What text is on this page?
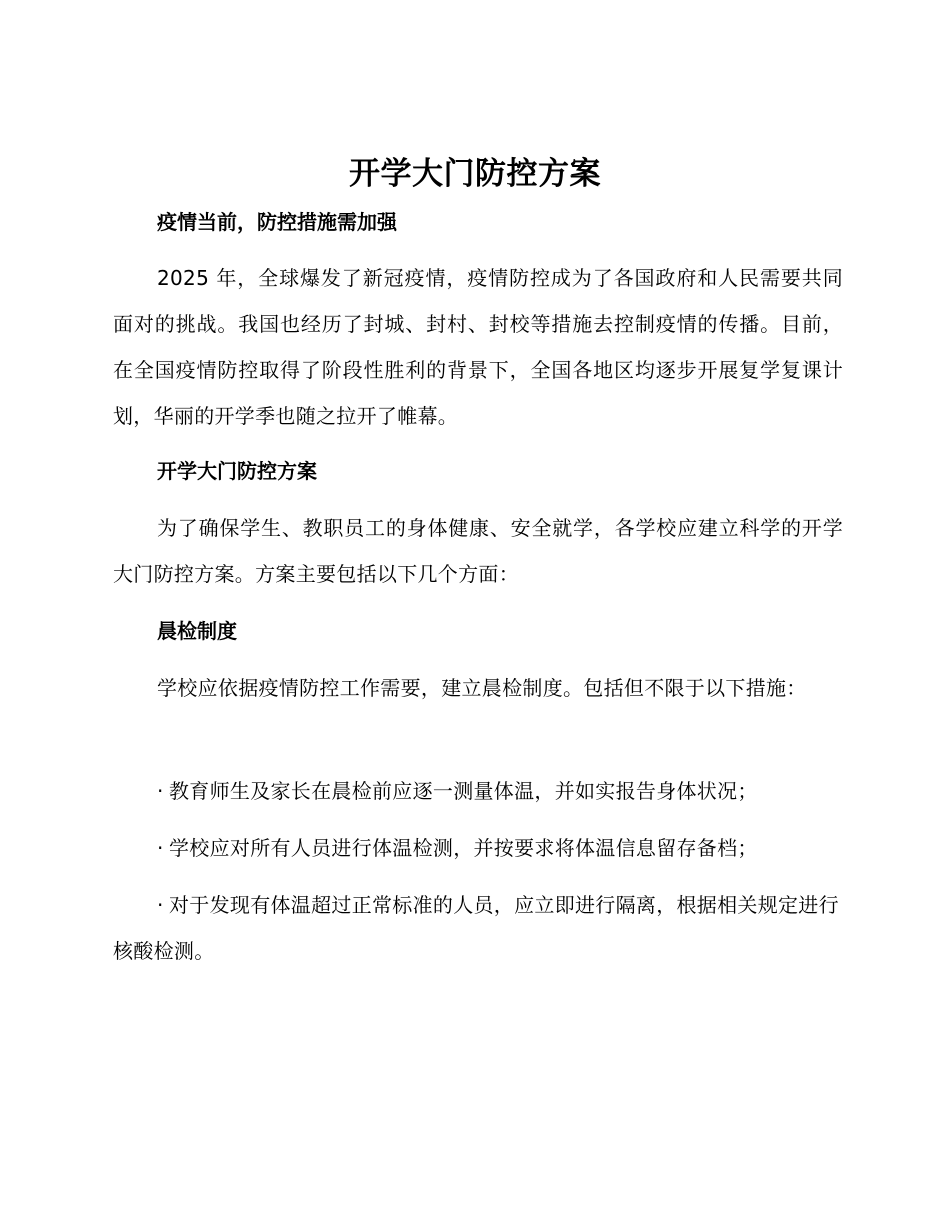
开学大门防控方案
疫情当前，防控措施需加强
2025 年，全球爆发了新冠疫情，疫情防控成为了各国政府和人民需要共同面对的挑战。我国也经历了封城、封村、封校等措施去控制疫情的传播。目前，在全国疫情防控取得了阶段性胜利的背景下，全国各地区均逐步开展复学复课计划，华丽的开学季也随之拉开了帷幕。
开学大门防控方案
为了确保学生、教职员工的身体健康、安全就学，各学校应建立科学的开学大门防控方案。方案主要包括以下几个方面：
晨检制度
学校应依据疫情防控工作需要，建立晨检制度。包括但不限于以下措施：
· 教育师生及家长在晨检前应逐一测量体温，并如实报告身体状况；
· 学校应对所有人员进行体温检测，并按要求将体温信息留存备档；
· 对于发现有体温超过正常标准的人员，应立即进行隔离，根据相关规定进行核酸检测。
